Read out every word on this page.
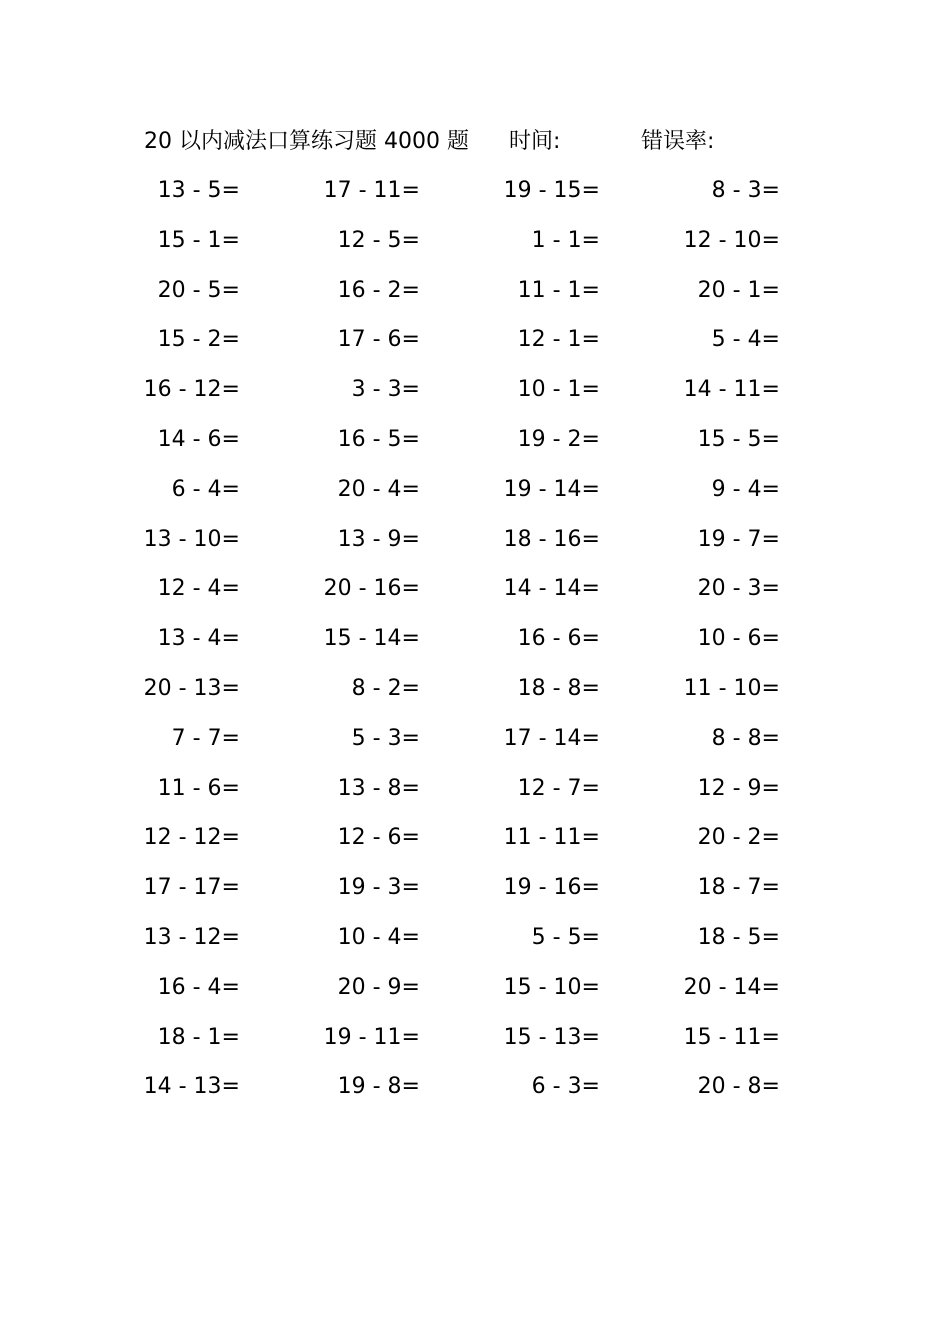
20 以内减法口算练习题 4000 题 时间:	错误率:
13 - 5=	17 - 11=	19 - 15=	8 - 3=
15 - 1=	12 - 5=	1 - 1=	12 - 10=
20 - 5=	16 - 2=	11 - 1=	20 - 1=
15 - 2=	17 - 6=	12 - 1=	5 - 4=
16 - 12=	3 - 3=	10 - 1=	14 - 11=
14 - 6=	16 - 5=	19 - 2=	15 - 5=
6 - 4=	20 - 4=	19 - 14=	9 - 4=
13 - 10=	13 - 9=	18 - 16=	19 - 7=
12 - 4=	20 - 16=	14 - 14=	20 - 3=
13 - 4=	15 - 14=	16 - 6=	10 - 6=
20 - 13=	8 - 2=	18 - 8=	11 - 10=
7 - 7=	5 - 3=	17 - 14=	8 - 8=
11 - 6=	13 - 8=	12 - 7=	12 - 9=
12 - 12=	12 - 6=	11 - 11=	20 - 2=
17 - 17=	19 - 3=	19 - 16=	18 - 7=
13 - 12=	10 - 4=	5 - 5=	18 - 5=
16 - 4=	20 - 9=	15 - 10=	20 - 14=
18 - 1=	19 - 11=	15 - 13=	15 - 11=
14 - 13=	19 - 8=	6 - 3=	20 - 8=
